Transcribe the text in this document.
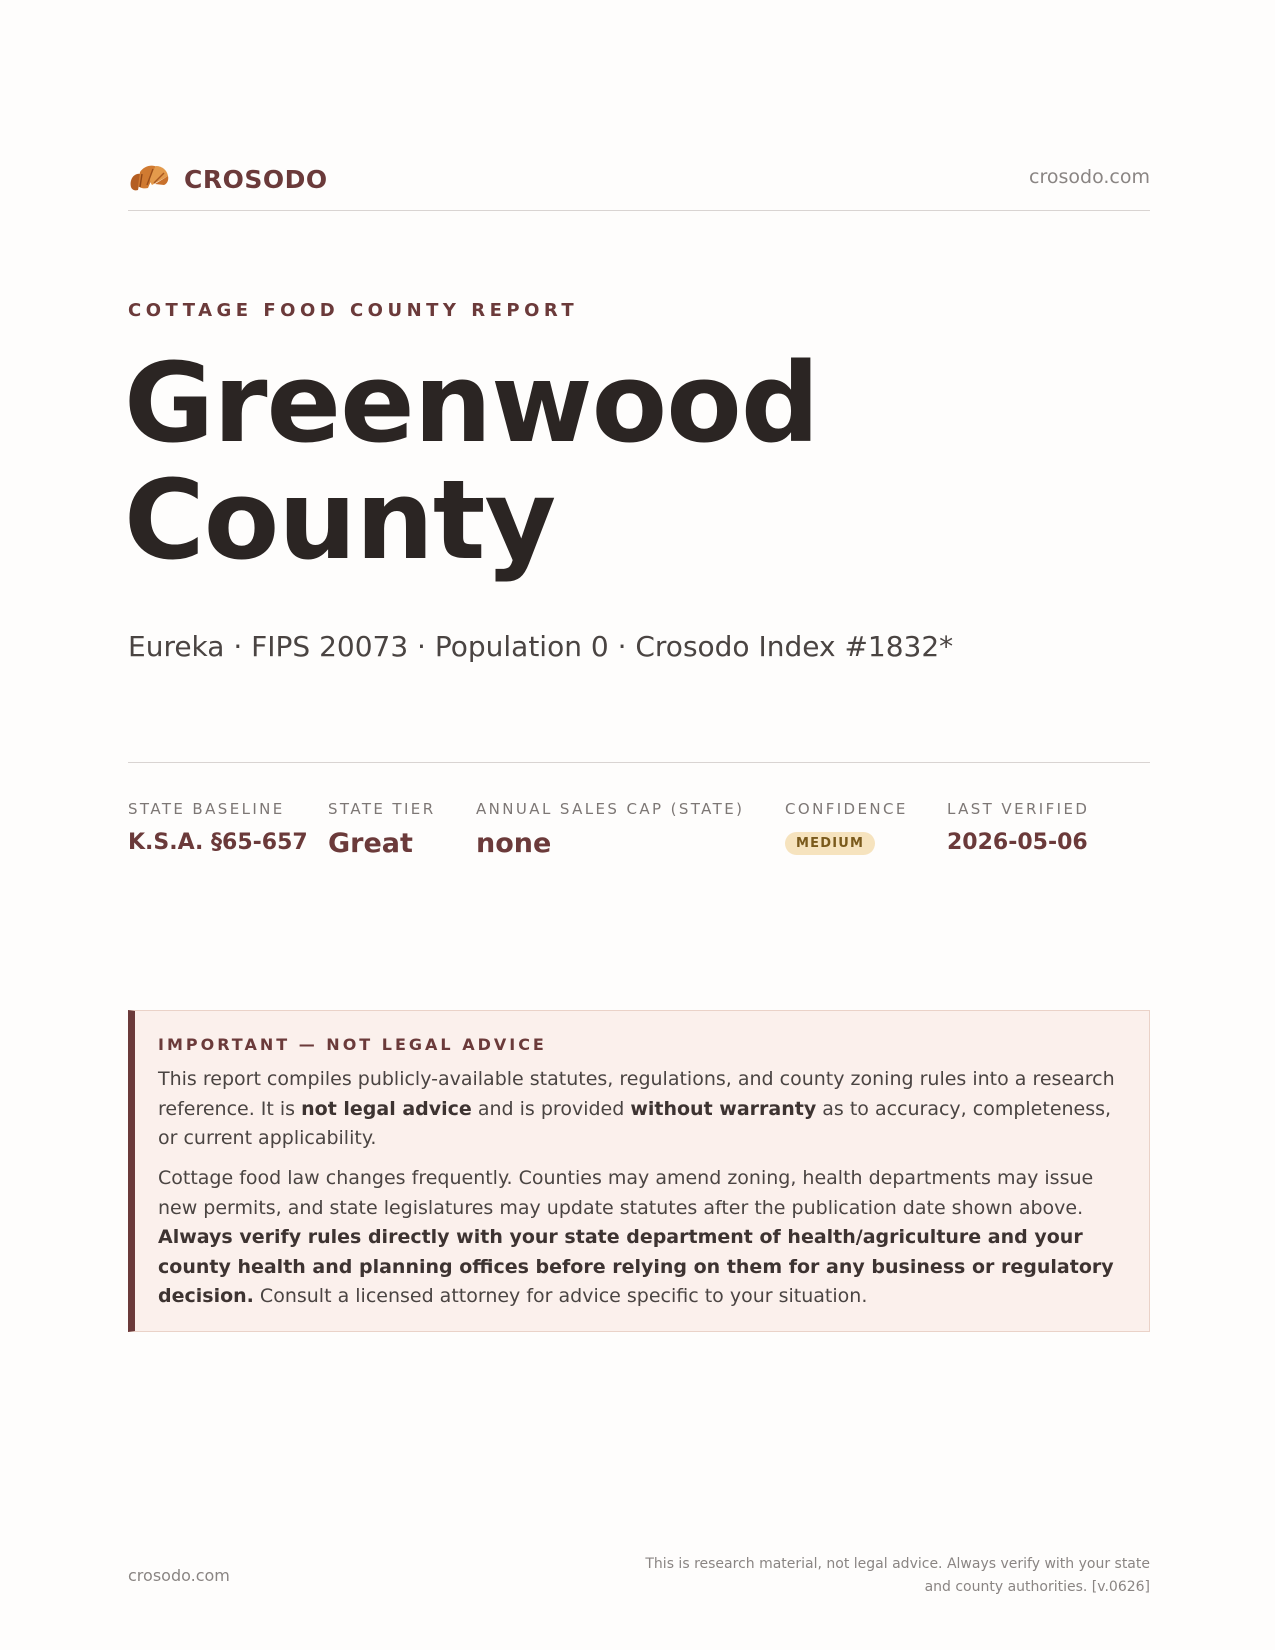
CROSODO	crosodo.com
COTTAGE FOOD COUNTY REPORT
Greenwood
County
Eureka · FIPS 20073 · Population 0 · Crosodo Index #1832*
STATE BASELINE
K.S.A. §65-657
STATE TIER
Great
ANNUAL SALES CAP (STATE)
none
CONFIDENCE
MEDIUM
LAST VERIFIED
2026-05-06
IMPORTANT — NOT LEGAL ADVICE

This report compiles publicly-available statutes, regulations, and county zoning rules into a research reference. It is not legal advice and is provided without warranty as to accuracy, completeness, or current applicability.

Cottage food law changes frequently. Counties may amend zoning, health departments may issue new permits, and state legislatures may update statutes after the publication date shown above. Always verify rules directly with your state department of health/agriculture and your county health and planning offices before relying on them for any business or regulatory decision. Consult a licensed attorney for advice specific to your situation.

crosodo.com
This is research material, not legal advice. Always verify with your state
and county authorities. [v.0626]
